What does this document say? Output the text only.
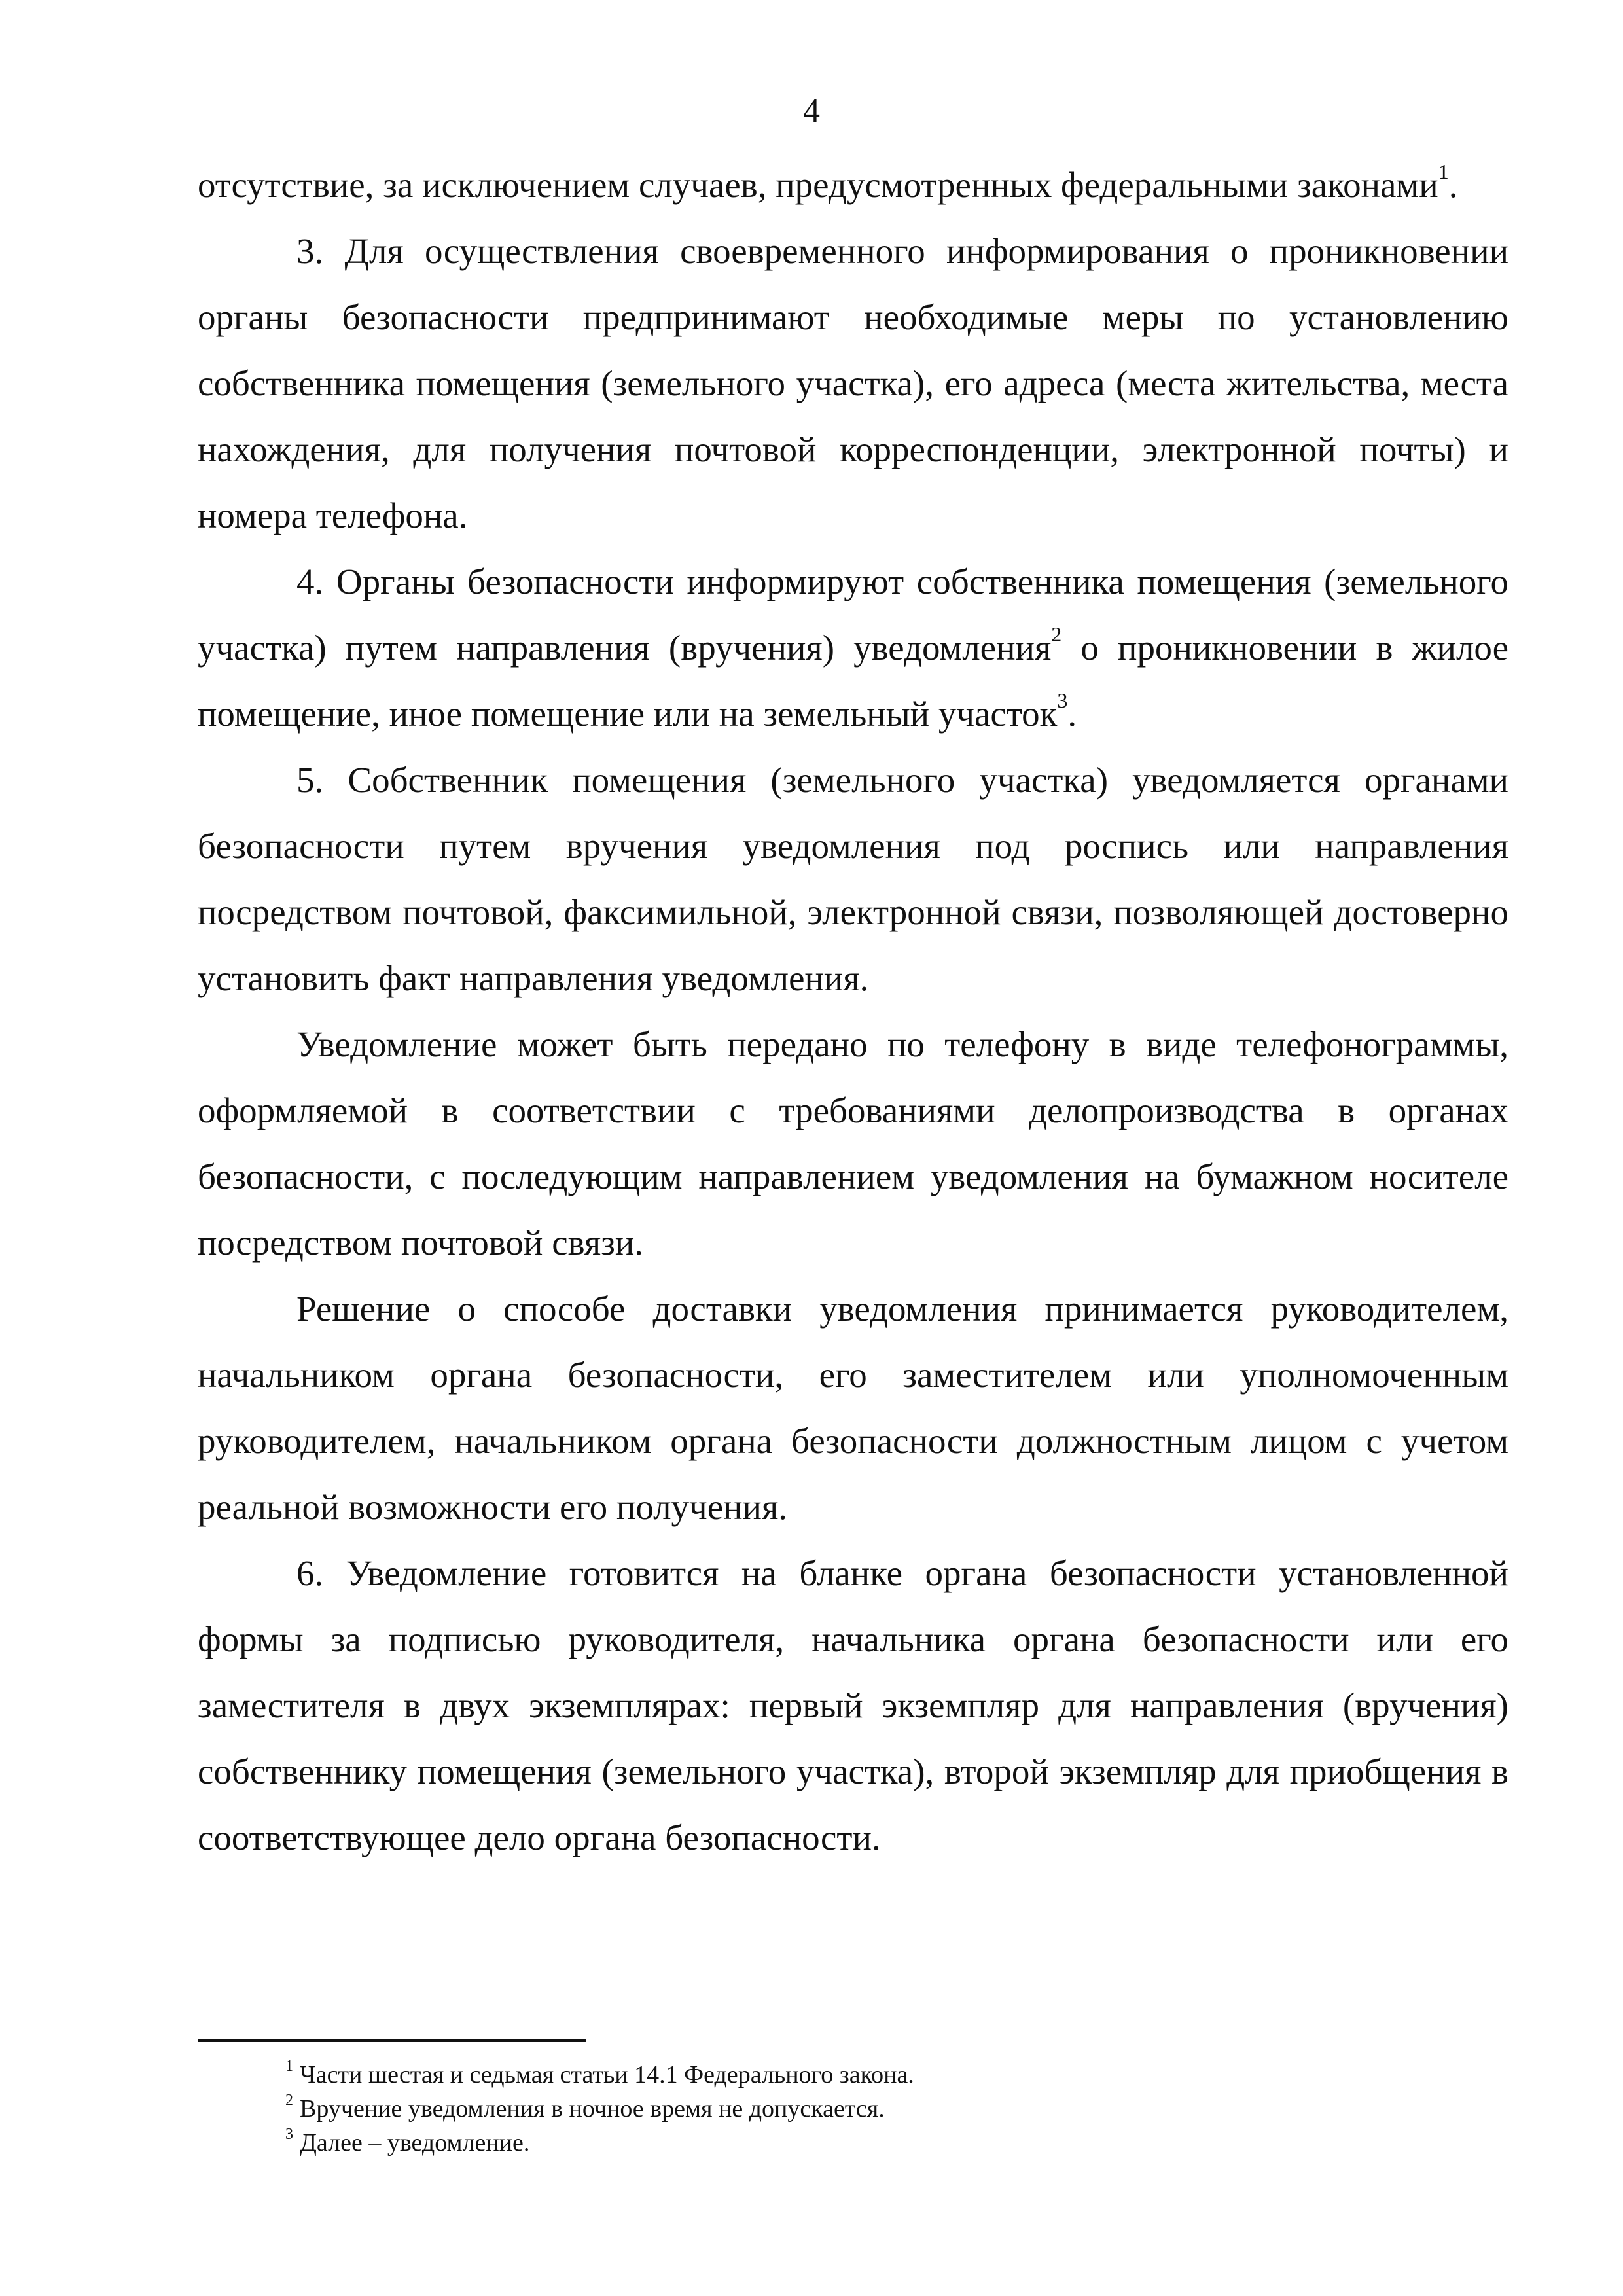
4

отсутствие, за исключением случаев, предусмотренных федеральными законами$^1$.

3. Для осуществления своевременного информирования о проникновении органы безопасности предпринимают необходимые меры по установлению собственника помещения (земельного участка), его адреса (места жительства, места нахождения, для получения почтовой корреспонденции, электронной почты) и номера телефона.

4. Органы безопасности информируют собственника помещения (земельного участка) путем направления (вручения) уведомления$^2$ о проникновении в жилое помещение, иное помещение или на земельный участок$^3$.

5. Собственник помещения (земельного участка) уведомляется органами безопасности путем вручения уведомления под роспись или направления посредством почтовой, факсимильной, электронной связи, позволяющей достоверно установить факт направления уведомления.

Уведомление может быть передано по телефону в виде телефонограммы, оформляемой в соответствии с требованиями делопроизводства в органах безопасности, с последующим направлением уведомления на бумажном носителе посредством почтовой связи.

Решение о способе доставки уведомления принимается руководителем, начальником органа безопасности, его заместителем или уполномоченным руководителем, начальником органа безопасности должностным лицом с учетом реальной возможности его получения.

6. Уведомление готовится на бланке органа безопасности установленной формы за подписью руководителя, начальника органа безопасности или его заместителя в двух экземплярах: первый экземпляр для направления (вручения) собственнику помещения (земельного участка), второй экземпляр для приобщения в соответствующее дело органа безопасности.

$^1$ Части шестая и седьмая статьи 14.1 Федерального закона.

$^2$ Вручение уведомления в ночное время не допускается.

$^3$ Далее – уведомление.
